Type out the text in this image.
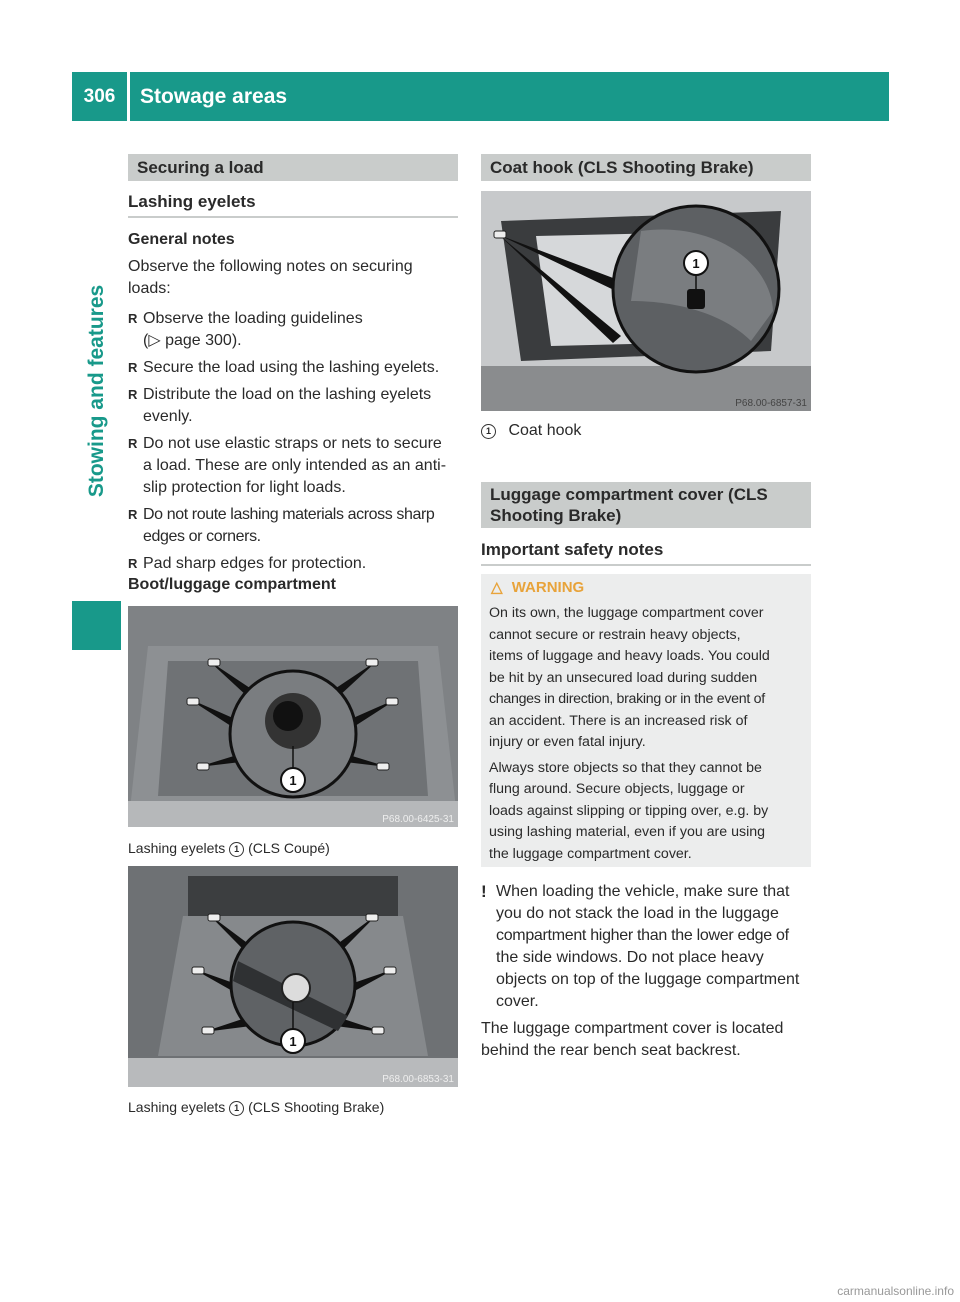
306	Stowage areas
Stowing and features
Securing a load
Lashing eyelets
General notes
Observe the following notes on securing
loads:
R Observe the loading guidelines
(▷ page 300).
R Secure the load using the lashing eyelets.
R Distribute the load on the lashing eyelets
evenly.
R Do not use elastic straps or nets to secure
a load. These are only intended as an anti-
slip protection for light loads.
R Do not route lashing materials across sharp
edges or corners.
R Pad sharp edges for protection.
Boot/luggage compartment
1
P68.00-6425-31
Lashing eyelets 1 (CLS Coupé)
1
P68.00-6853-31
Lashing eyelets 1 (CLS Shooting Brake)
Coat hook (CLS Shooting Brake)
1
P68.00-6857-31
1 Coat hook
Luggage compartment cover (CLS
Shooting Brake)
Important safety notes
△ WARNING
On its own, the luggage compartment cover
cannot secure or restrain heavy objects,
items of luggage and heavy loads. You could
be hit by an unsecured load during sudden
changes in direction, braking or in the event of
an accident. There is an increased risk of
injury or even fatal injury.
Always store objects so that they cannot be
flung around. Secure objects, luggage or
loads against slipping or tipping over, e.g. by
using lashing material, even if you are using
the luggage compartment cover.
! When loading the vehicle, make sure that
you do not stack the load in the luggage
compartment higher than the lower edge of
the side windows. Do not place heavy
objects on top of the luggage compartment
cover.
The luggage compartment cover is located
behind the rear bench seat backrest.
carmanualsonline.info
